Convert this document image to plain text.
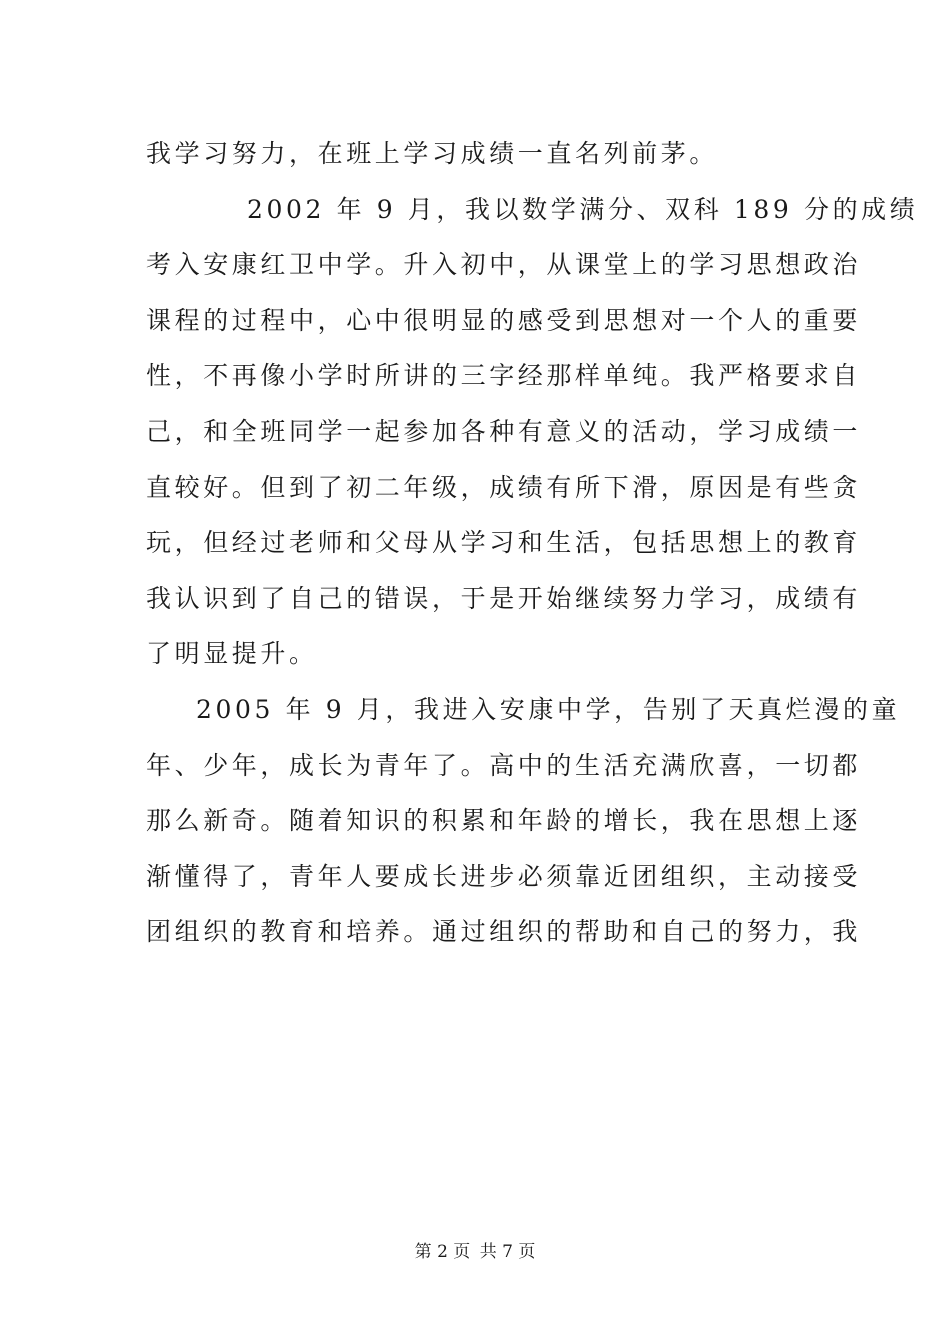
我学习努力，在班上学习成绩一直名列前茅。
2002 年 9 月，我以数学满分、双科 189 分的成绩
考入安康红卫中学。升入初中，从课堂上的学习思想政治
课程的过程中，心中很明显的感受到思想对一个人的重要
性，不再像小学时所讲的三字经那样单纯。我严格要求自
己，和全班同学一起参加各种有意义的活动，学习成绩一
直较好。但到了初二年级，成绩有所下滑，原因是有些贪
玩，但经过老师和父母从学习和生活，包括思想上的教育
我认识到了自己的错误，于是开始继续努力学习，成绩有
了明显提升。
2005 年 9 月，我进入安康中学，告别了天真烂漫的童
年、少年，成长为青年了。高中的生活充满欣喜，一切都
那么新奇。随着知识的积累和年龄的增长，我在思想上逐
渐懂得了，青年人要成长进步必须靠近团组织，主动接受
团组织的教育和培养。通过组织的帮助和自己的努力，我
第 2 页 共 7 页
